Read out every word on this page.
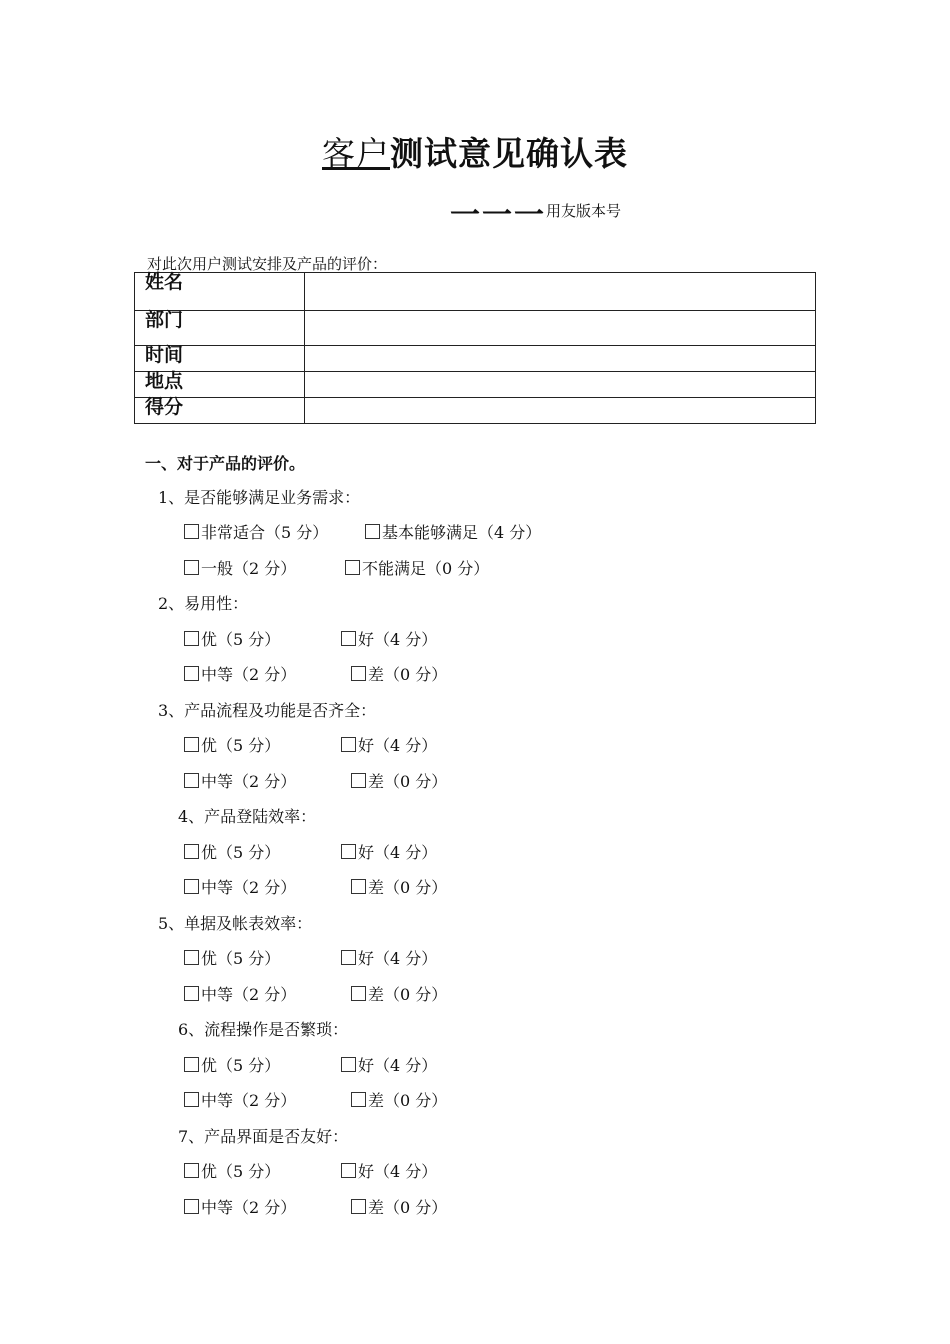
客户测试意见确认表
一一一用友版本号
对此次用户测试安排及产品的评价：
姓名	
部门	
时间	
地点	
得分	
一、对于产品的评价。
1、是否能够满足业务需求：
非常适合（5 分）	基本能够满足（4 分）
一般（2 分）	不能满足（0 分）
2、易用性：
优（5 分）	好（4 分）
中等（2 分）	差（0 分）
3、产品流程及功能是否齐全：
优（5 分）	好（4 分）
中等（2 分）	差（0 分）
4、产品登陆效率：
优（5 分）	好（4 分）
中等（2 分）	差（0 分）
5、单据及帐表效率：
优（5 分）	好（4 分）
中等（2 分）	差（0 分）
6、流程操作是否繁琐：
优（5 分）	好（4 分）
中等（2 分）	差（0 分）
7、产品界面是否友好：
优（5 分）	好（4 分）
中等（2 分）	差（0 分）
